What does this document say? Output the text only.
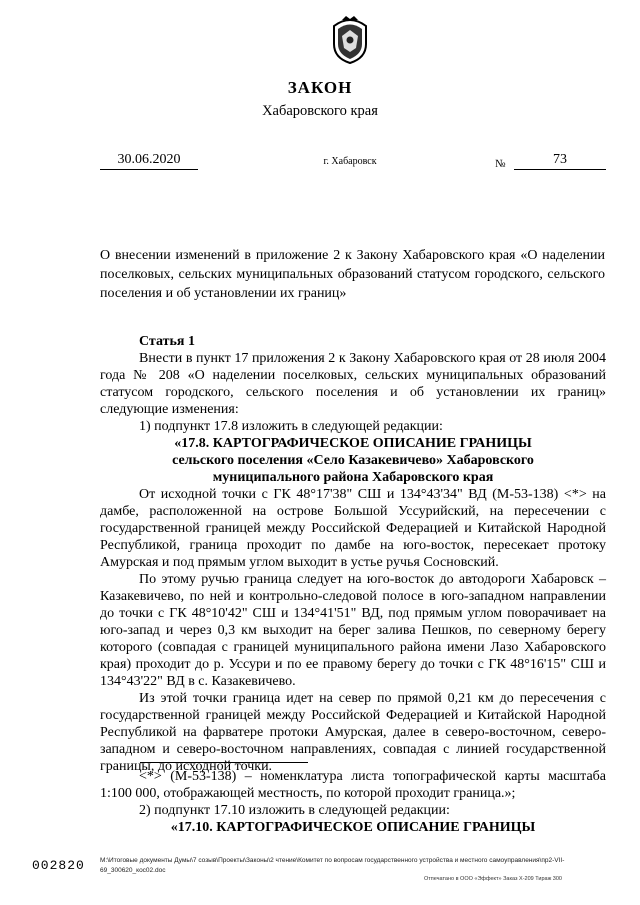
ЗАКОН
Хабаровского края
30.06.2020	г. Хабаровск	№	73
О внесении изменений в приложение 2 к Закону Хабаровского края «О наделении поселковых, сельских муниципальных образований статусом городского, сельского поселения и об установлении их границ»

Статья 1

Внести в пункт 17 приложения 2 к Закону Хабаровского края от 28 июля 2004 года № 208 «О наделении поселковых, сельских муниципальных образований статусом городского, сельского поселения и об установлении их границ» следующие изменения:

1) подпункт 17.8 изложить в следующей редакции:

«17.8. КАРТОГРАФИЧЕСКОЕ ОПИСАНИЕ ГРАНИЦЫ
сельского поселения «Село Казакевичево» Хабаровского муниципального района Хабаровского края

От исходной точки с ГК 48°17'38" СШ и 134°43'34" ВД (М-53-138) <*> на дамбе, расположенной на острове Большой Уссурийский, на пересечении с государственной границей между Российской Федерацией и Китайской Народной Республикой, граница проходит по дамбе на юго-восток, пересекает протоку Амурская и под прямым углом выходит в устье ручья Сосновский.

По этому ручью граница следует на юго-восток до автодороги Хабаровск – Казакевичево, по ней и контрольно-следовой полосе в юго-западном направлении до точки с ГК 48°10'42" СШ и 134°41'51" ВД, под прямым углом поворачивает на юго-запад и через 0,3 км выходит на берег залива Пешков, по северному берегу которого (совпадая с границей муниципального района имени Лазо Хабаровского края) проходит до р. Уссури и по ее правому берегу до точки с ГК 48°16'15" СШ и 134°43'22" ВД в с. Казакевичево.

Из этой точки граница идет на север по прямой 0,21 км до пересечения с государственной границей между Российской Федерацией и Китайской Народной Республикой на фарватере протоки Амурская, далее в северо-восточном, северо-западном и северо-восточном направлениях, совпадая с линией государственной границы, до исходной точки.

<*> (М-53-138) – номенклатура листа топографической карты масштаба 1:100 000, отображающей местность, по которой проходит граница.»;

2) подпункт 17.10 изложить в следующей редакции:

«17.10. КАРТОГРАФИЧЕСКОЕ ОПИСАНИЕ ГРАНИЦЫ
002820 M:\Итоговые документы Думы\7 созыв\Проекты\Законы\2 чтение\Комитет по вопросам государственного устройства и местного самоуправления\пр2-VII-69_300620_кос02.doc
Отпечатано в ООО «Эффект» Заказ Х-209 Тираж 300
